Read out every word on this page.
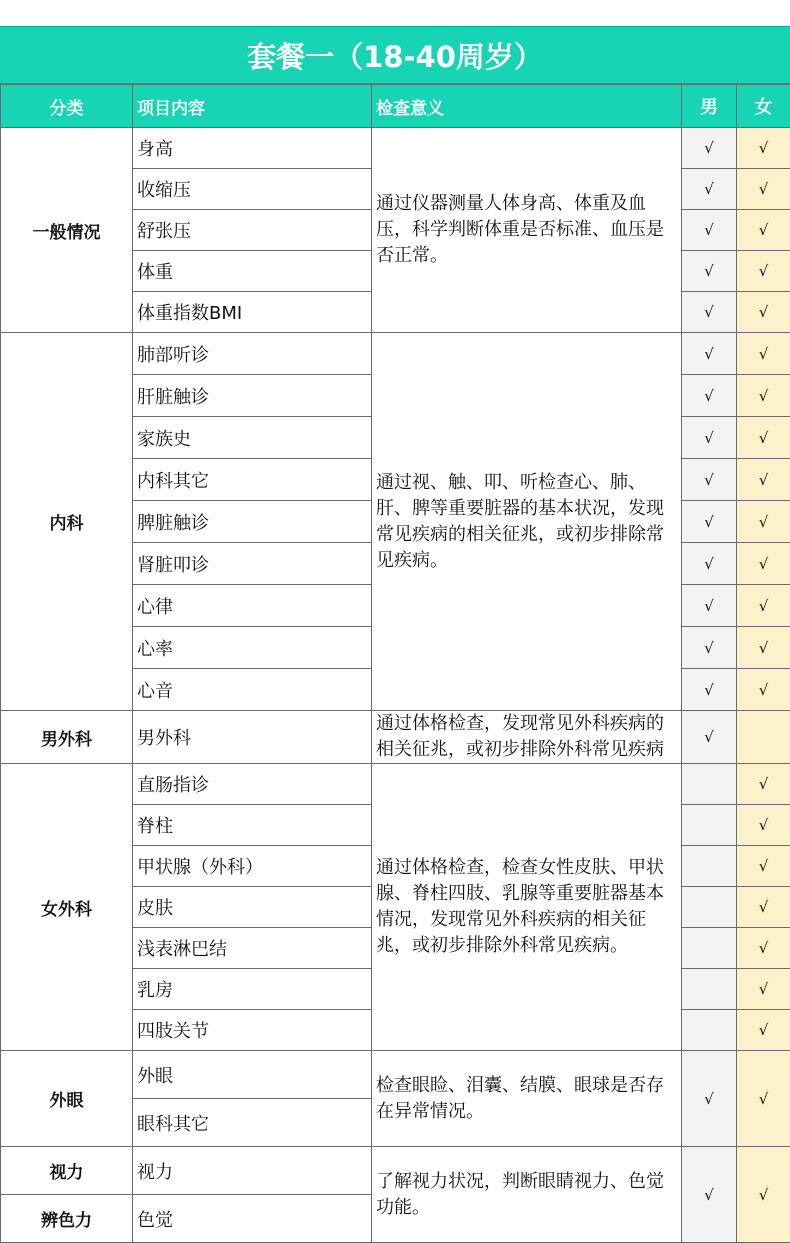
套餐一（18-40周岁）
分类	项目内容	检查意义	男	女
一般情况	身高	通过仪器测量人体身高、体重及血压，科学判断体重是否标准、血压是否正常。	√	√
	收缩压		√	√
	舒张压		√	√
	体重		√	√
	体重指数BMI		√	√
内科	肺部听诊	通过视、触、叩、听检查心、肺、肝、脾等重要脏器的基本状况，发现常见疾病的相关征兆，或初步排除常见疾病。	√	√
	肝脏触诊		√	√
	家族史		√	√
	内科其它		√	√
	脾脏触诊		√	√
	肾脏叩诊		√	√
	心律		√	√
	心率		√	√
	心音		√	√
男外科	男外科	通过体格检查，发现常见外科疾病的相关征兆，或初步排除外科常见疾病	√	
女外科	直肠指诊	通过体格检查，检查女性皮肤、甲状腺、脊柱四肢、乳腺等重要脏器基本情况，发现常见外科疾病的相关征兆，或初步排除外科常见疾病。		√
	脊柱			√
	甲状腺（外科）			√
	皮肤			√
	浅表淋巴结			√
	乳房			√
	四肢关节			√
外眼	外眼	检查眼睑、泪囊、结膜、眼球是否存在异常情况。	√	√
	眼科其它			
视力	视力	了解视力状况，判断眼睛视力、色觉功能。	√	√
辨色力	色觉			
